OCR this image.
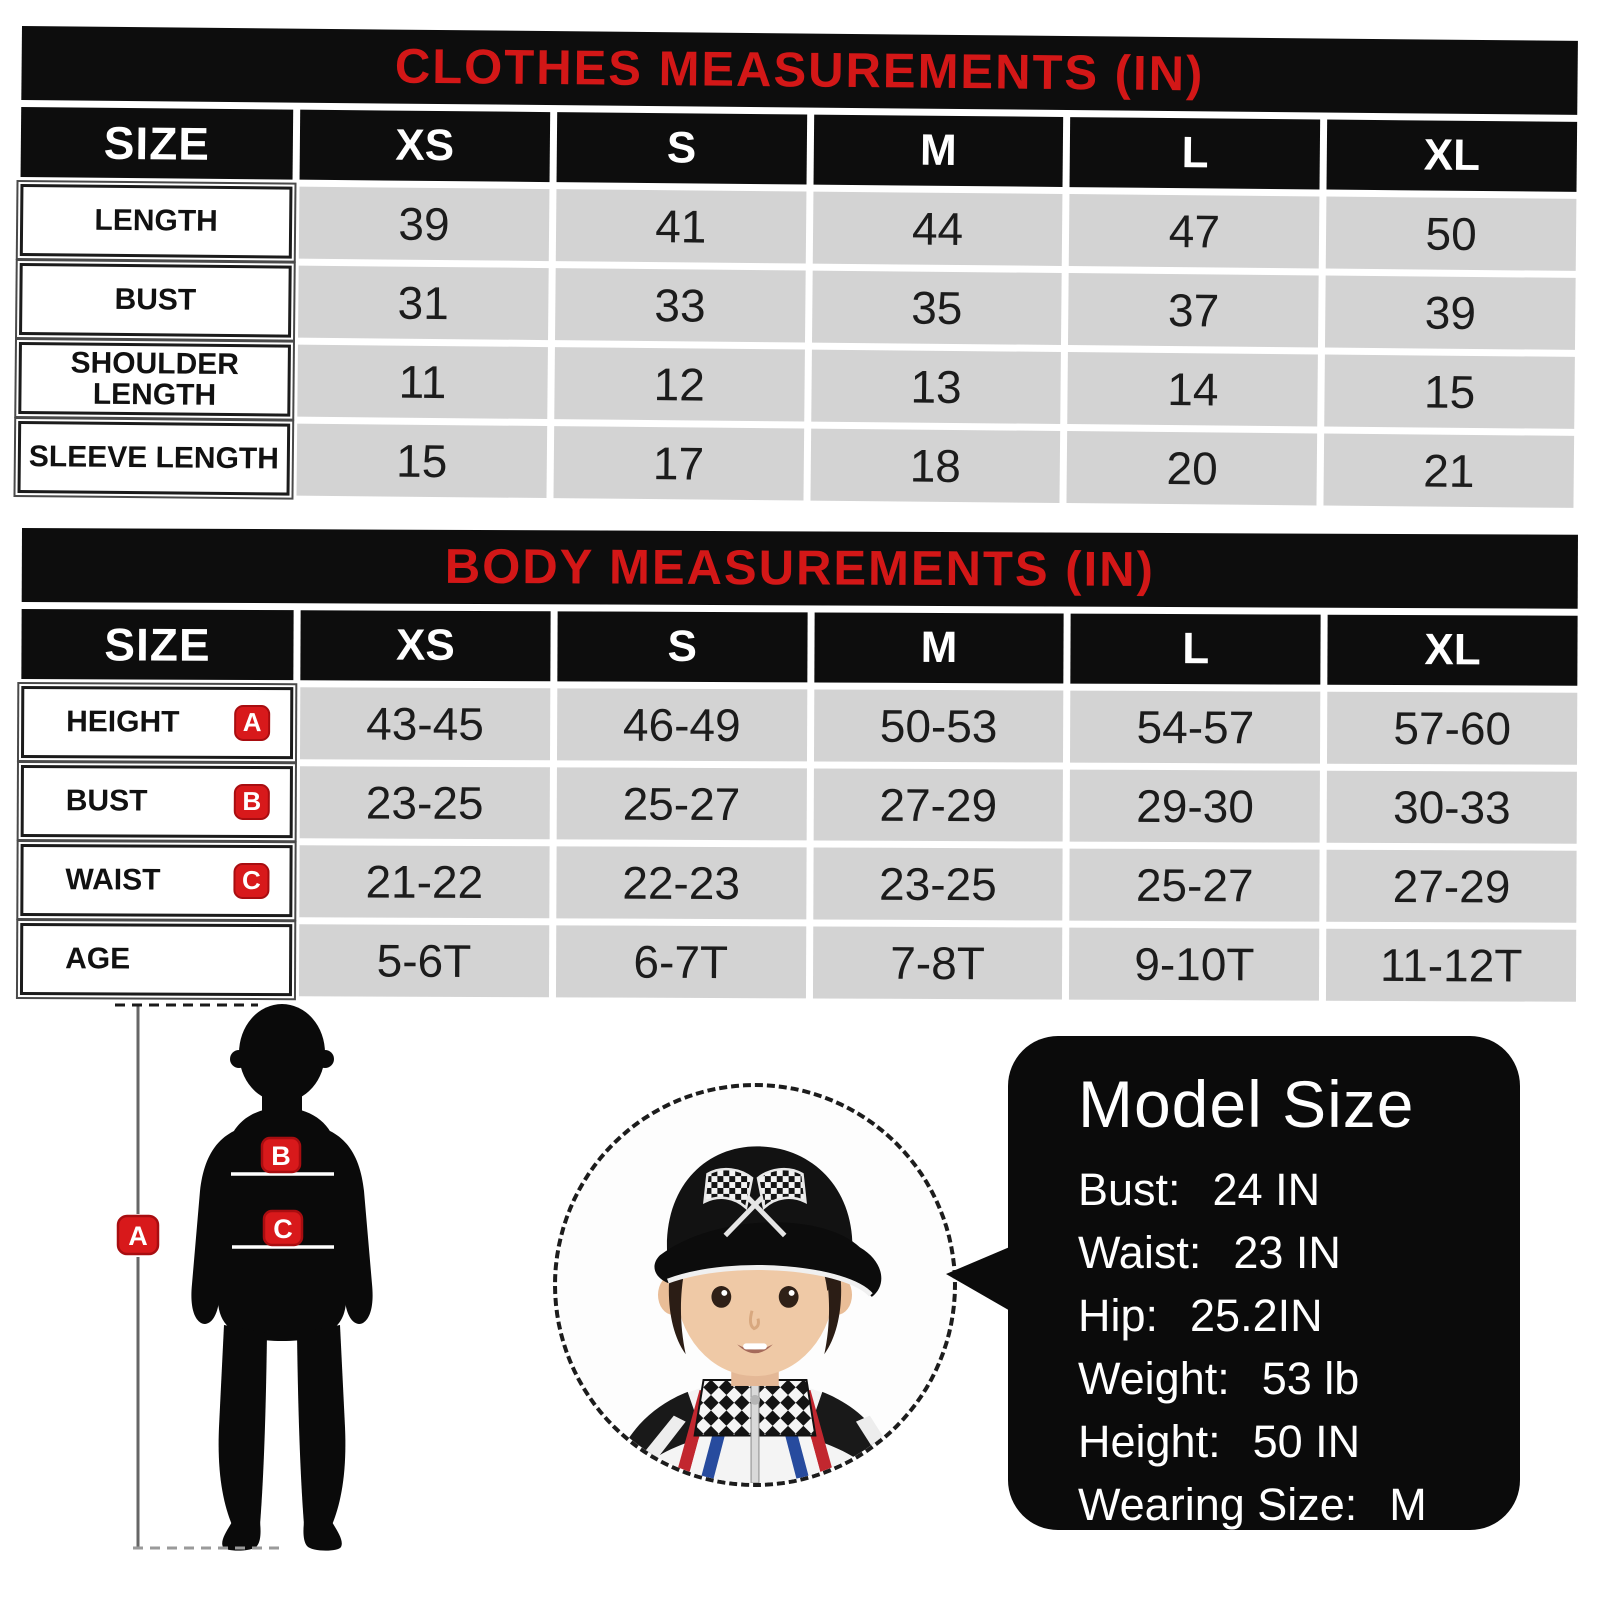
CLOTHES MEASUREMENTS (IN)
SIZE	XS	S	M	L	XL
LENGTH	39	41	44	47	50
BUST	31	33	35	37	39
SHOULDER LENGTH	11	12	13	14	15
SLEEVE LENGTH	15	17	18	20	21
BODY MEASUREMENTS (IN)
SIZE	XS	S	M	L	XL
HEIGHT	A	43-45	46-49	50-53	54-57	57-60
BUST	B	23-25	25-27	27-29	29-30	30-33
WAIST	C	21-22	22-23	23-25	25-27	27-29
AGE	5-6T	6-7T	7-8T	9-10T	11-12T
A
B
C
Model Size
Bust: 24 IN
Waist: 23 IN
Hip: 25.2IN
Weight: 53 lb
Height: 50 IN
Wearing Size: M
